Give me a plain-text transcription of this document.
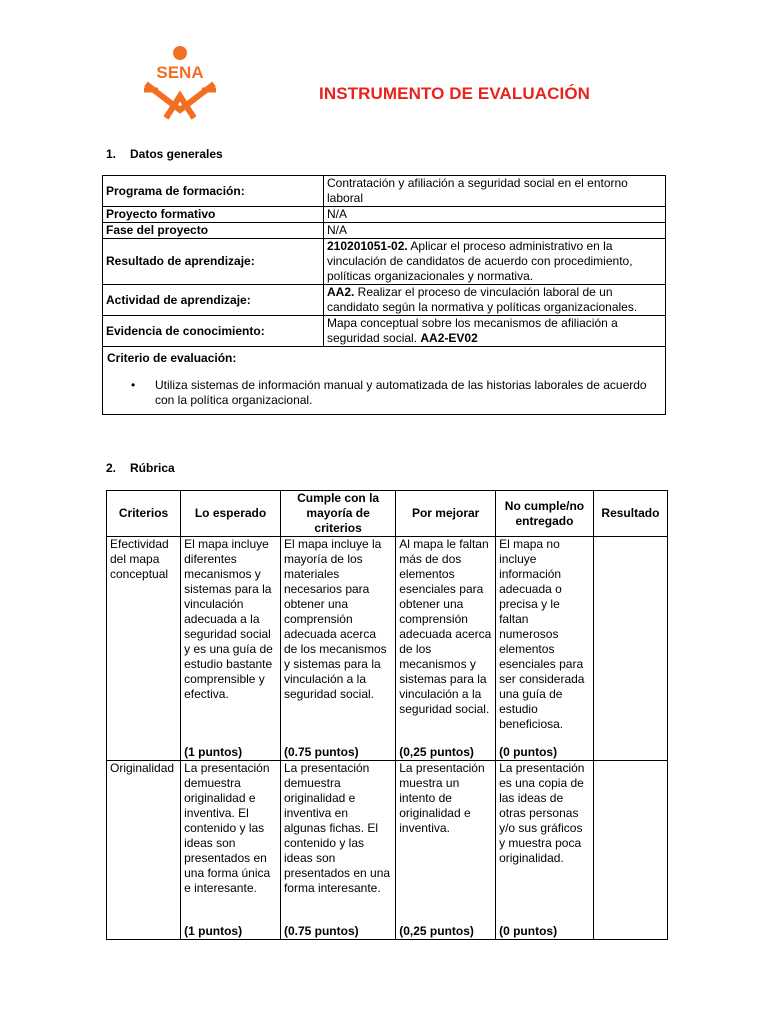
SENA
INSTRUMENTO DE EVALUACIÓN
1. Datos generales
Programa de formación:	Contratación y afiliación a seguridad social en el entorno laboral
Proyecto formativo	N/A
Fase del proyecto	N/A
Resultado de aprendizaje:	210201051-02. Aplicar el proceso administrativo en la vinculación de candidatos de acuerdo con procedimiento, políticas organizacionales y normativa.
Actividad de aprendizaje:	AA2. Realizar el proceso de vinculación laboral de un candidato según la normativa y políticas organizacionales.
Evidencia de conocimiento:	Mapa conceptual sobre los mecanismos de afiliación a seguridad social. AA2-EV02

Criterio de evaluación:
• Utiliza sistemas de información manual y automatizada de las historias laborales de acuerdo con la política organizacional.	
2. Rúbrica
Criterios	Lo esperado	Cumple con la mayoría de criterios	Por mejorar	No cumple/no entregado	Resultado
Efectividad del mapa conceptual	El mapa incluye diferentes mecanismos y sistemas para la vinculación adecuada a la seguridad social y es una guía de estudio bastante comprensible y efectiva.	El mapa incluye la mayoría de los materiales necesarios para obtener una comprensión adecuada acerca de los mecanismos y sistemas para la vinculación a la seguridad social.	Al mapa le faltan más de dos elementos esenciales para obtener una comprensión adecuada acerca de los mecanismos y sistemas para la vinculación a la seguridad social.	El mapa no incluye información adecuada o precisa y le faltan numerosos elementos esenciales para ser considerada una guía de estudio beneficiosa.	
	(1 puntos)	(0.75 puntos)	(0,25 puntos)	(0 puntos)	
Originalidad	La presentación demuestra originalidad e inventiva. El contenido y las ideas son presentados en una forma única e interesante.	La presentación demuestra originalidad e inventiva en algunas fichas. El contenido y las ideas son presentados en una forma interesante.	La presentación muestra un intento de originalidad e inventiva.	La presentación es una copia de las ideas de otras personas y/o sus gráficos y muestra poca originalidad.	
	(1 puntos)	(0.75 puntos)	(0,25 puntos)	(0 puntos)	
